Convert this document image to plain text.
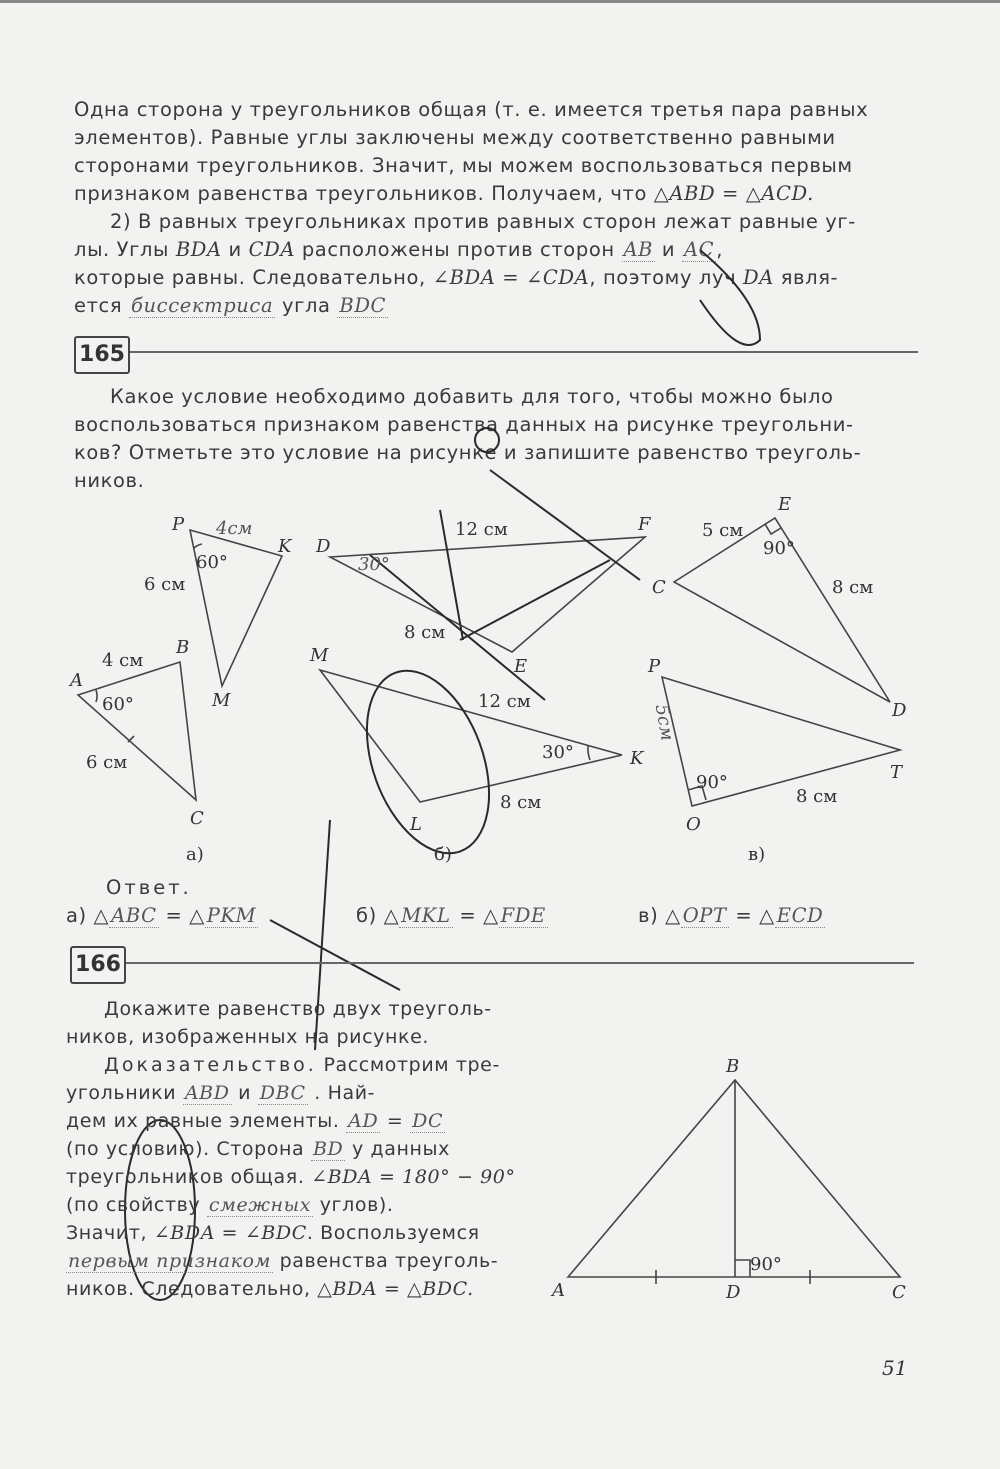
Одна сторона у треугольников общая (т. е. имеется третья пара равных

элементов). Равные углы заключены между соответственно равными

сторонами треугольников. Значит, мы можем воспользоваться первым

признаком равенства треугольников. Получаем, что △ABD = △ACD.

2) В равных треугольниках против равных сторон лежат равные уг-

лы. Углы BDA и CDA расположены против сторон AB и AC ,

которые равны. Следовательно, ∠BDA = ∠CDA, поэтому луч DA явля-

ется биссектриса угла BDC

165

Какое условие необходимо добавить для того, чтобы можно было

воспользоваться признаком равенства данных на рисунке треугольни-

ков? Отметьте это условие на рисунке и запишите равенство треуголь-

ников.

P
K
M
60°
4см
6 см
A
B
C
60°
4 см
6 см
а)
D
F
E
12 см
8 см
30°
M
K
L
12 см
8 см
30°
б)
C
E
D
5 см
8 см
90°
P
O
T
5см
8 см
90°
в)

Ответ.

а) △ ABC = △ PKM	б) △ MKL = △ FDE	в) △ OPT = △ ECD

166

Докажите равенство двух треуголь-

ников, изображенных на рисунке.

Доказательство. Рассмотрим тре-

угольники ABD и DBC . Най-

дем их равные элементы. AD = DC

(по условию). Сторона BD у данных

треугольников общая. ∠BDA = 180° − 90°

(по свойству смежных углов).

Значит, ∠BDA = ∠BDC. Воспользуемся

первым признаком равенства треуголь-

ников. Следовательно, △BDA = △BDC.

B
A	D	C
90°
51
